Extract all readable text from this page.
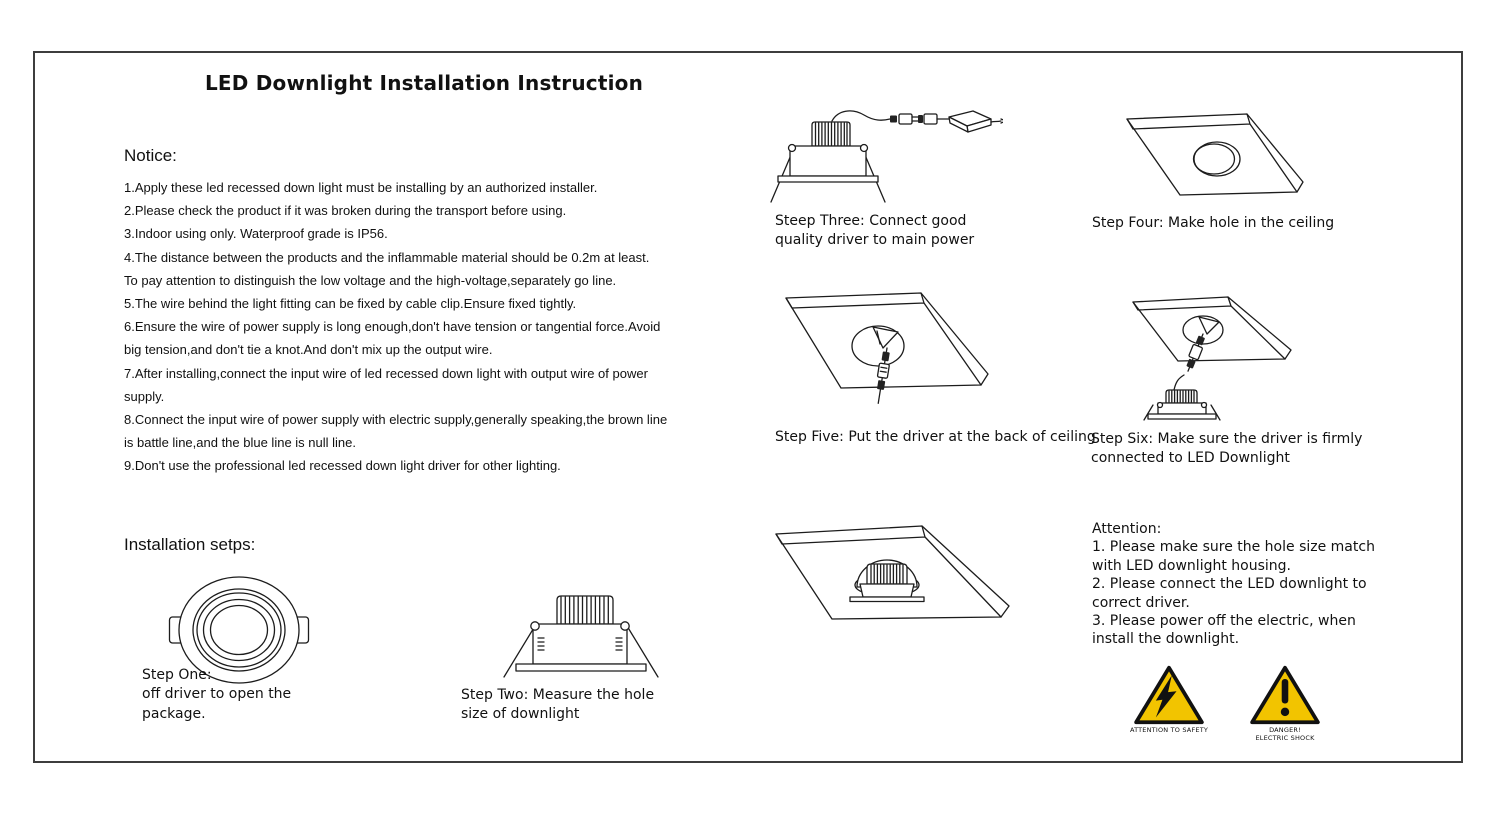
LED Downlight Installation Instruction
Notice:
1.Apply these led recessed down light must be installing by an authorized installer.
2.Please check the product if it was broken during the transport before using.
3.Indoor using only. Waterproof grade is IP56.
4.The distance between the products and the inflammable material should be 0.2m at least.
To pay attention to distinguish the low voltage and the high-voltage,separately go line.
5.The wire behind the light fitting can be fixed by cable clip.Ensure fixed tightly.
6.Ensure the wire of power supply is long enough,don't have tension or tangential force.Avoid
big tension,and don't tie a knot.And don't mix up the output wire.
7.After installing,connect the input wire of led recessed down light with output wire of power
supply.
8.Connect the input wire of power supply with electric supply,generally speaking,the brown line
is battle line,and the blue line is null line.
9.Don't use the professional led recessed down light driver for other lighting.
Installation setps:
Step One:
off driver to open the
package.
Step Two: Measure the hole
size of downlight
Steep Three: Connect good
quality driver to main power
Step Four: Make hole in the ceiling
Step Five: Put the driver at the back of ceiling
Step Six: Make sure the driver is firmly
connected to LED Downlight
Attention:
1. Please make sure the hole size match
with LED downlight housing.
2. Please connect the LED downlight to
correct driver.
3. Please power off the electric, when
install the downlight.
ATTENTION TO SAFETY	DANGER!
ELECTRIC SHOCK
